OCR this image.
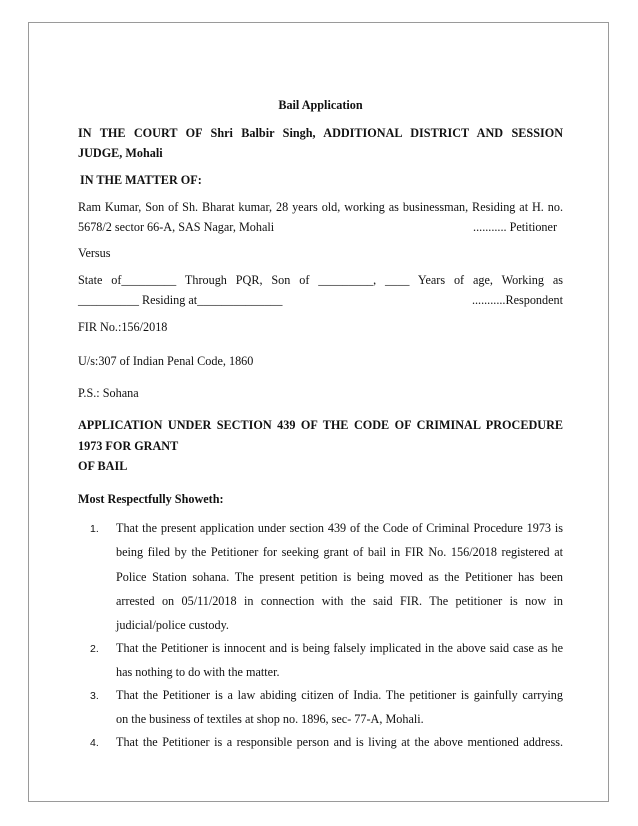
Bail Application
IN THE COURT OF Shri Balbir Singh, ADDITIONAL DISTRICT AND SESSION
JUDGE, Mohali
IN THE MATTER OF:
Ram Kumar, Son of Sh. Bharat kumar, 28 years old, working as businessman, Residing at H. no.
5678/2 sector 66-A, SAS Nagar, Mohali	........... Petitioner
Versus
State of_________ Through PQR, Son of _________, ____ Years of age, Working as
__________ Residing at______________	...........Respondent
FIR No.:156/2018
U/s:307 of Indian Penal Code, 1860
P.S.: Sohana
APPLICATION UNDER SECTION 439 OF THE CODE OF CRIMINAL PROCEDURE
1973 FOR GRANT
OF BAIL
Most Respectfully Showeth:
1. That the present application under section 439 of the Code of Criminal Procedure 1973 is
being filed by the Petitioner for seeking grant of bail in FIR No. 156/2018 registered at
Police Station sohana. The present petition is being moved as the Petitioner has been
arrested on 05/11/2018 in connection with the said FIR. The petitioner is now in
judicial/police custody.
2. That the Petitioner is innocent and is being falsely implicated in the above said case as he
has nothing to do with the matter.
3. That the Petitioner is a law abiding citizen of India. The petitioner is gainfully carrying
on the business of textiles at shop no. 1896, sec- 77-A, Mohali.
4. That the Petitioner is a responsible person and is living at the above mentioned address.
